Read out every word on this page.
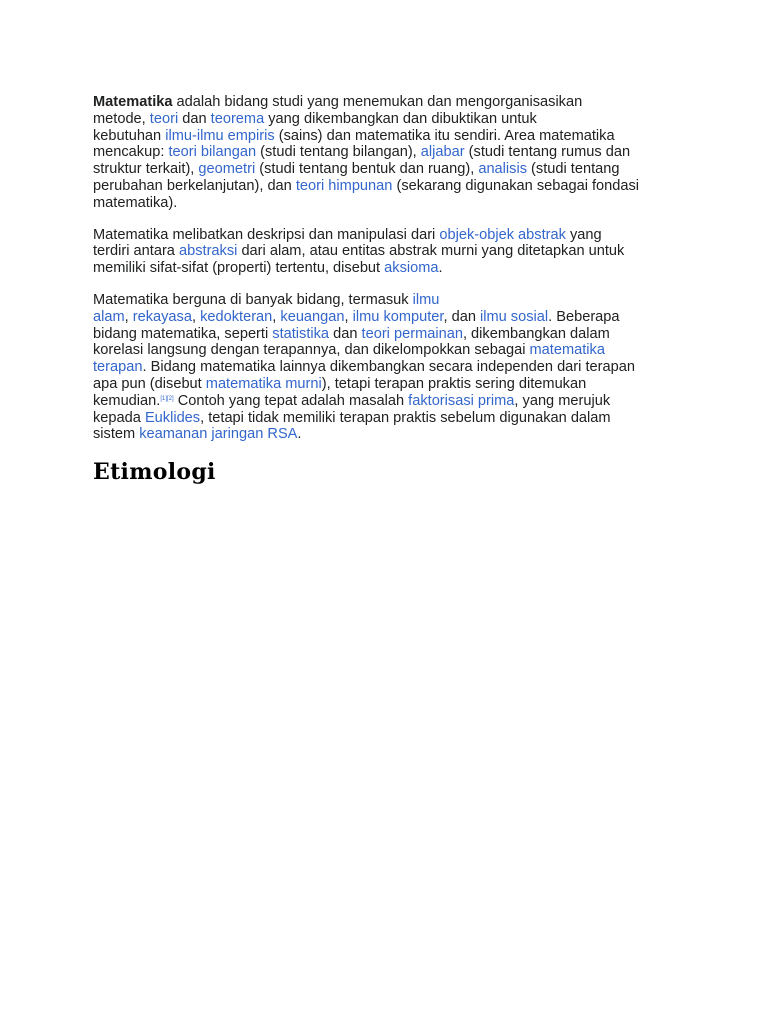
Matematika adalah bidang studi yang menemukan dan mengorganisasikan
metode, teori dan teorema yang dikembangkan dan dibuktikan untuk
kebutuhan ilmu-ilmu empiris (sains) dan matematika itu sendiri. Area matematika
mencakup: teori bilangan (studi tentang bilangan), aljabar (studi tentang rumus dan
struktur terkait), geometri (studi tentang bentuk dan ruang), analisis (studi tentang
perubahan berkelanjutan), dan teori himpunan (sekarang digunakan sebagai fondasi
matematika).

Matematika melibatkan deskripsi dan manipulasi dari objek-objek abstrak yang
terdiri antara abstraksi dari alam, atau entitas abstrak murni yang ditetapkan untuk
memiliki sifat-sifat (properti) tertentu, disebut aksioma.

Matematika berguna di banyak bidang, termasuk ilmu
alam, rekayasa, kedokteran, keuangan, ilmu komputer, dan ilmu sosial. Beberapa
bidang matematika, seperti statistika dan teori permainan, dikembangkan dalam
korelasi langsung dengan terapannya, dan dikelompokkan sebagai matematika
terapan. Bidang matematika lainnya dikembangkan secara independen dari terapan
apa pun (disebut matematika murni), tetapi terapan praktis sering ditemukan
kemudian.[1][2] Contoh yang tepat adalah masalah faktorisasi prima, yang merujuk
kepada Euklides, tetapi tidak memiliki terapan praktis sebelum digunakan dalam
sistem keamanan jaringan RSA.

Etimologi
